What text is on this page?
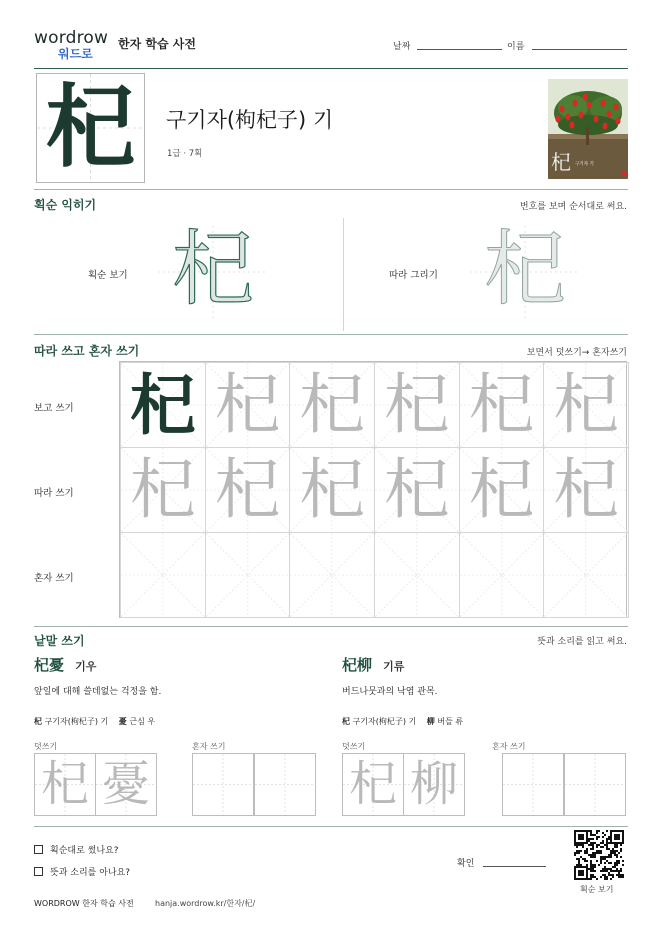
wordrow
워드로
한자 학습 사전	날짜	이름
杞	구기자(枸杞子) 기
1급 · 7획	杞 구기자 기
획순 익히기	번호를 보며 순서대로 써요.
획순 보기 杞	따라 그리기 杞
따라 쓰고 혼자 쓰기	보면서 덧쓰기→ 혼자쓰기
보고 쓰기
따라 쓰기
혼자 쓰기
杞 杞 杞 杞 杞 杞
杞 杞 杞 杞 杞 杞
낱말 쓰기	뜻과 소리를 읽고 써요.
杞憂 기우
앞일에 대해 쓸데없는 걱정을 함.
杞 구기자(枸杞子) 기 憂 근심 우
덧쓰기	혼자 쓰기
杞 憂
杞柳 기류
버드나뭇과의 낙엽 관목.
杞 구기자(枸杞子) 기 柳 버들 류
덧쓰기	혼자 쓰기
杞 柳
획순대로 썼나요?
뜻과 소리를 아나요?
확인
획순 보기
WORDROW 한자 학습 사전	hanja.wordrow.kr/한자/杞/
